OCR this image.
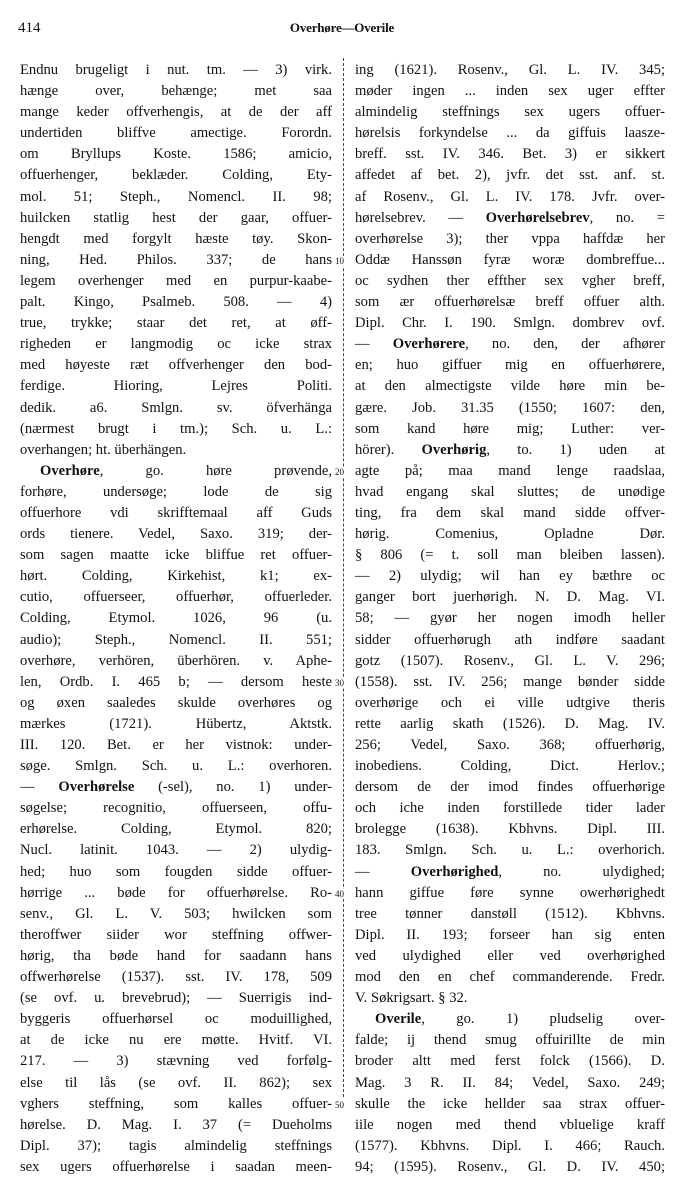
414	Overhøre—Overile
Endnu brugeligt i nut. tm. — 3) virk.
hænge over, behænge; met saa
mange keder offverhengis, at de der aff
undertiden bliffve amectige. Forordn.
om Bryllups Koste. 1586; amicio,
offuerhenger, beklæder. Colding, Ety-
mol. 51; Steph., Nomencl. II. 98;
huilcken statlig hest der gaar, offuer-
hengdt med forgylt hæste tøy. Skon-
ning, Hed. Philos. 337; de hans
legem overhenger med en purpur-kaabe-
palt. Kingo, Psalmeb. 508. — 4)
true, trykke; staar det ret, at øff-
righeden er langmodig oc icke strax
med høyeste ræt offverhenger den bod-
ferdige. Hioring, Lejres Politi.
dedik. a6. Smlgn. sv. öfverhänga
(nærmest brugt i tm.); Sch. u. L.:
overhangen; ht. überhängen.
Overhøre, go. høre prøvende,
forhøre, undersøge; lode de sig
offuerhore vdi skrifftemaal aff Guds
ords tienere. Vedel, Saxo. 319; der-
som sagen maatte icke bliffue ret offuer-
hørt. Colding, Kirkehist, k1; ex-
cutio, offuerseer, offuerhør, offuerleder.
Colding, Etymol. 1026, 96 (u.
audio); Steph., Nomencl. II. 551;
overhøre, verhören, überhören. v. Aphe-
len, Ordb. I. 465 b; — dersom heste
og øxen saaledes skulde overhøres og
mærkes (1721). Hübertz, Aktstk.
III. 120. Bet. er her vistnok: under-
søge. Smlgn. Sch. u. L.: overhoren.
— Overhørelse (-sel), no. 1) under-
søgelse; recognitio, offuerseen, offu-
erhørelse. Colding, Etymol. 820;
Nucl. latinit. 1043. — 2) ulydig-
hed; huo som fougden sidde offuer-
hørrige ... bøde for offuerhørelse. Ro-
senv., Gl. L. V. 503; hwilcken som
theroffwer siider wor steffning offwer-
hørig, tha bøde hand for saadann hans
offwerhørelse (1537). sst. IV. 178, 509
(se ovf. u. brevebrud); — Suerrigis ind-
byggeris offuerhørsel oc moduillighed,
at de icke nu ere møtte. Hvitf. VI.
217. — 3) stævning ved forfølg-
else til lås (se ovf. II. 862); sex
vghers steffning, som kalles offuer-
hørelse. D. Mag. I. 37 (= Dueholms
Dipl. 37); tagis almindelig steffnings
sex ugers offuerhørelse i saadan meen-
ing (1621). Rosenv., Gl. L. IV. 345;
møder ingen ... inden sex uger effter
almindelig steffnings sex ugers offuer-
hørelsis forkyndelse ... da giffuis laasze-
breff. sst. IV. 346. Bet. 3) er sikkert
affedet af bet. 2), jvfr. det sst. anf. st.
af Rosenv., Gl. L. IV. 178. Jvfr. over-
hørelsebrev. — Overhørelsebrev, no. =
overhørelse 3); ther vppa haffdæ her
Oddæ Hanssøn fyræ woræ dombreffue...
oc sydhen ther effther sex vgher breff,
som ær offuerhørelsæ breff offuer alth.
Dipl. Chr. I. 190. Smlgn. dombrev ovf.
— Overhørere, no. den, der afhører
en; huo giffuer mig en offuerhørere,
at den almectigste vilde høre min be-
gære. Job. 31.35 (1550; 1607: den,
som kand høre mig; Luther: ver-
hörer). Overhørig, to. 1) uden at
agte på; maa mand lenge raadslaa,
hvad engang skal sluttes; de unødige
ting, fra dem skal mand sidde offver-
hørig. Comenius, Opladne Dør.
§ 806 (= t. soll man bleiben lassen).
— 2) ulydig; wil han ey bæthre oc
ganger bort juerhørigh. N. D. Mag. VI.
58; — gyør her nogen imodh heller
sidder offuerhørugh ath indføre saadant
gotz (1507). Rosenv., Gl. L. V. 296;
(1558). sst. IV. 256; mange bønder sidde
overhørige och ei ville udtgive theris
rette aarlig skath (1526). D. Mag. IV.
256; Vedel, Saxo. 368; offuerhørig,
inobediens. Colding, Dict. Herlov.;
dersom de der imod findes offuerhørige
och iche inden forstillede tider lader
brolegge (1638). Kbhvns. Dipl. III.
183. Smlgn. Sch. u. L.: overhorich.
— Overhørighed, no. ulydighed;
hann giffue føre synne owerhørighedt
tree tønner danstøll (1512). Kbhvns.
Dipl. II. 193; forseer han sig enten
ved ulydighed eller ved overhørighed
mod den en chef commanderende. Fredr.
V. Søkrigsart. § 32.
Overile, go. 1) pludselig over-
falde; ij thend smug offuirillte de min
broder altt med ferst folck (1566). D.
Mag. 3 R. II. 84; Vedel, Saxo. 249;
skulle the icke hellder saa strax offuer-
iile nogen med thend vbluelige kraff
(1577). Kbhvns. Dipl. I. 466; Rauch.
94; (1595). Rosenv., Gl. D. IV. 450;
10
20
30
40
50
